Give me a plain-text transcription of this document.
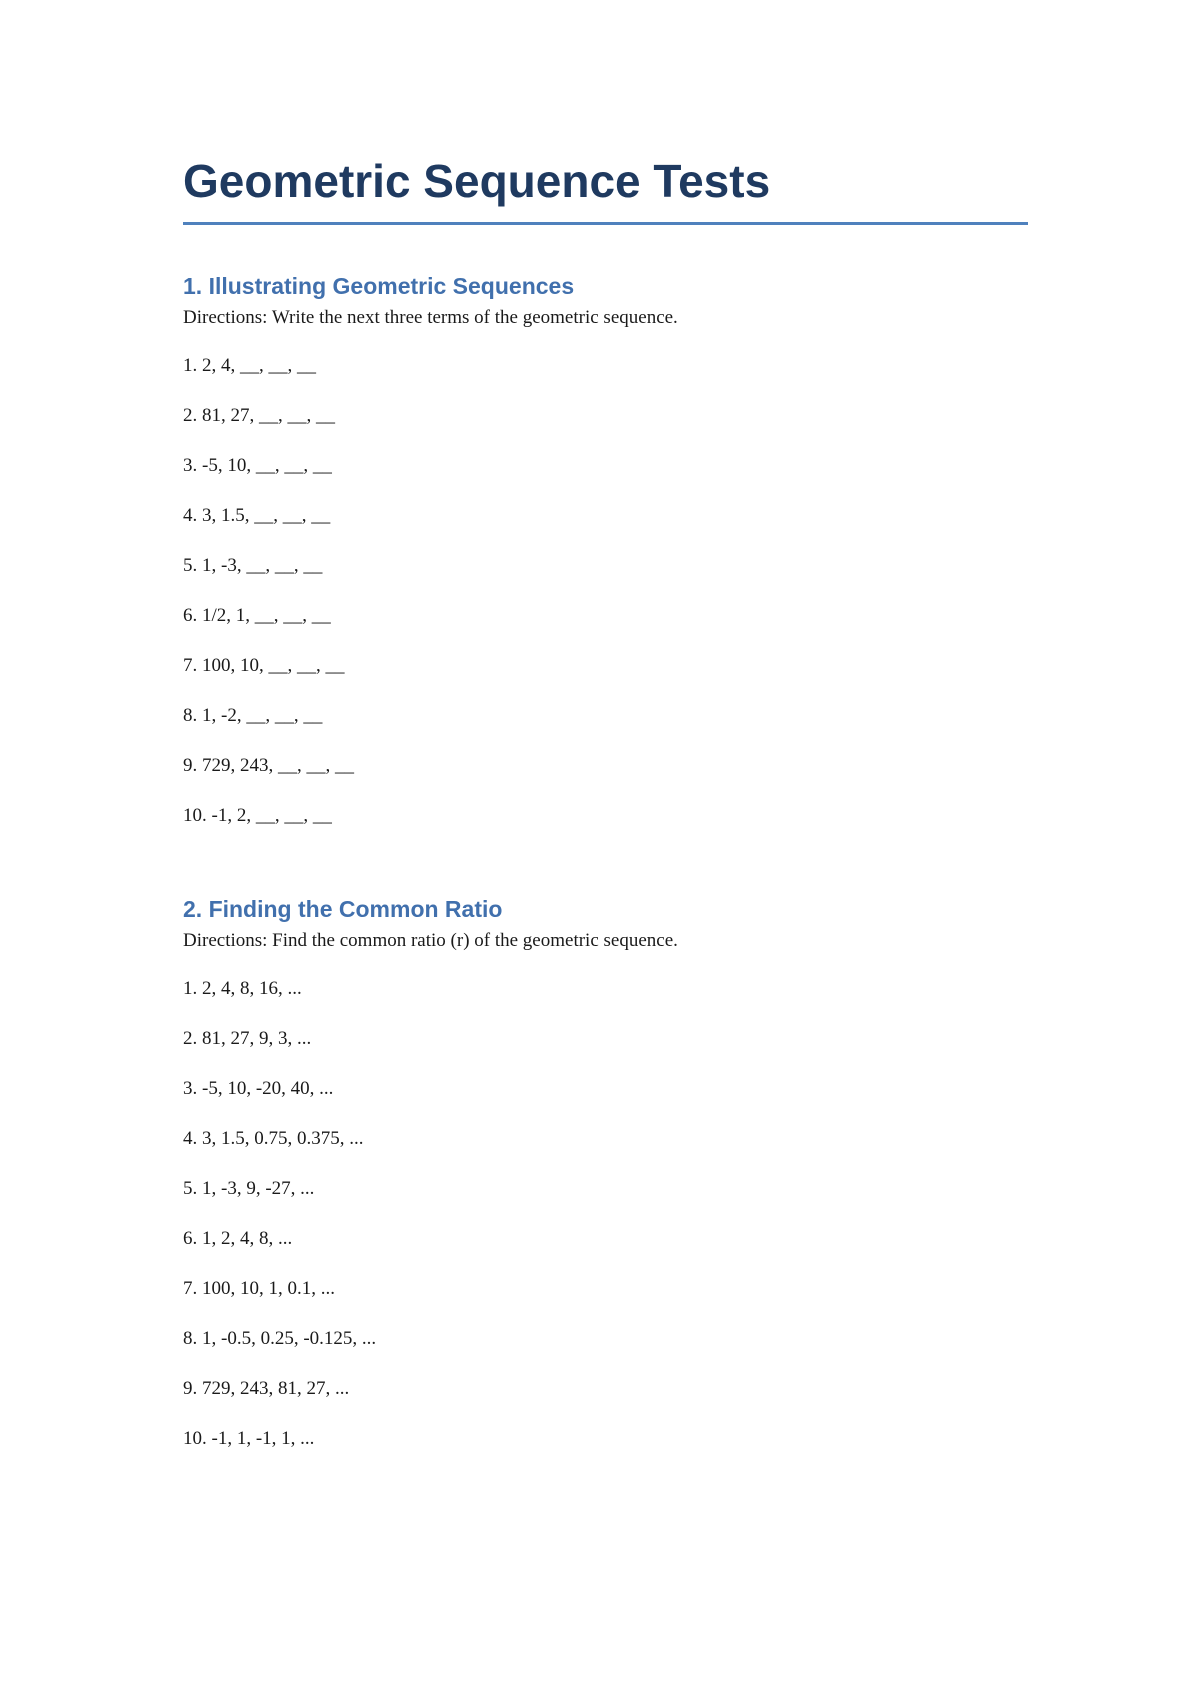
Geometric Sequence Tests
1. Illustrating Geometric Sequences

Directions: Write the next three terms of the geometric sequence.

1. 2, 4, __, __, __
2. 81, 27, __, __, __
3. -5, 10, __, __, __
4. 3, 1.5, __, __, __
5. 1, -3, __, __, __
6. 1/2, 1, __, __, __
7. 100, 10, __, __, __
8. 1, -2, __, __, __
9. 729, 243, __, __, __
10. -1, 2, __, __, __
2. Finding the Common Ratio

Directions: Find the common ratio (r) of the geometric sequence.

1. 2, 4, 8, 16, ...
2. 81, 27, 9, 3, ...
3. -5, 10, -20, 40, ...
4. 3, 1.5, 0.75, 0.375, ...
5. 1, -3, 9, -27, ...
6. 1, 2, 4, 8, ...
7. 100, 10, 1, 0.1, ...
8. 1, -0.5, 0.25, -0.125, ...
9. 729, 243, 81, 27, ...
10. -1, 1, -1, 1, ...
